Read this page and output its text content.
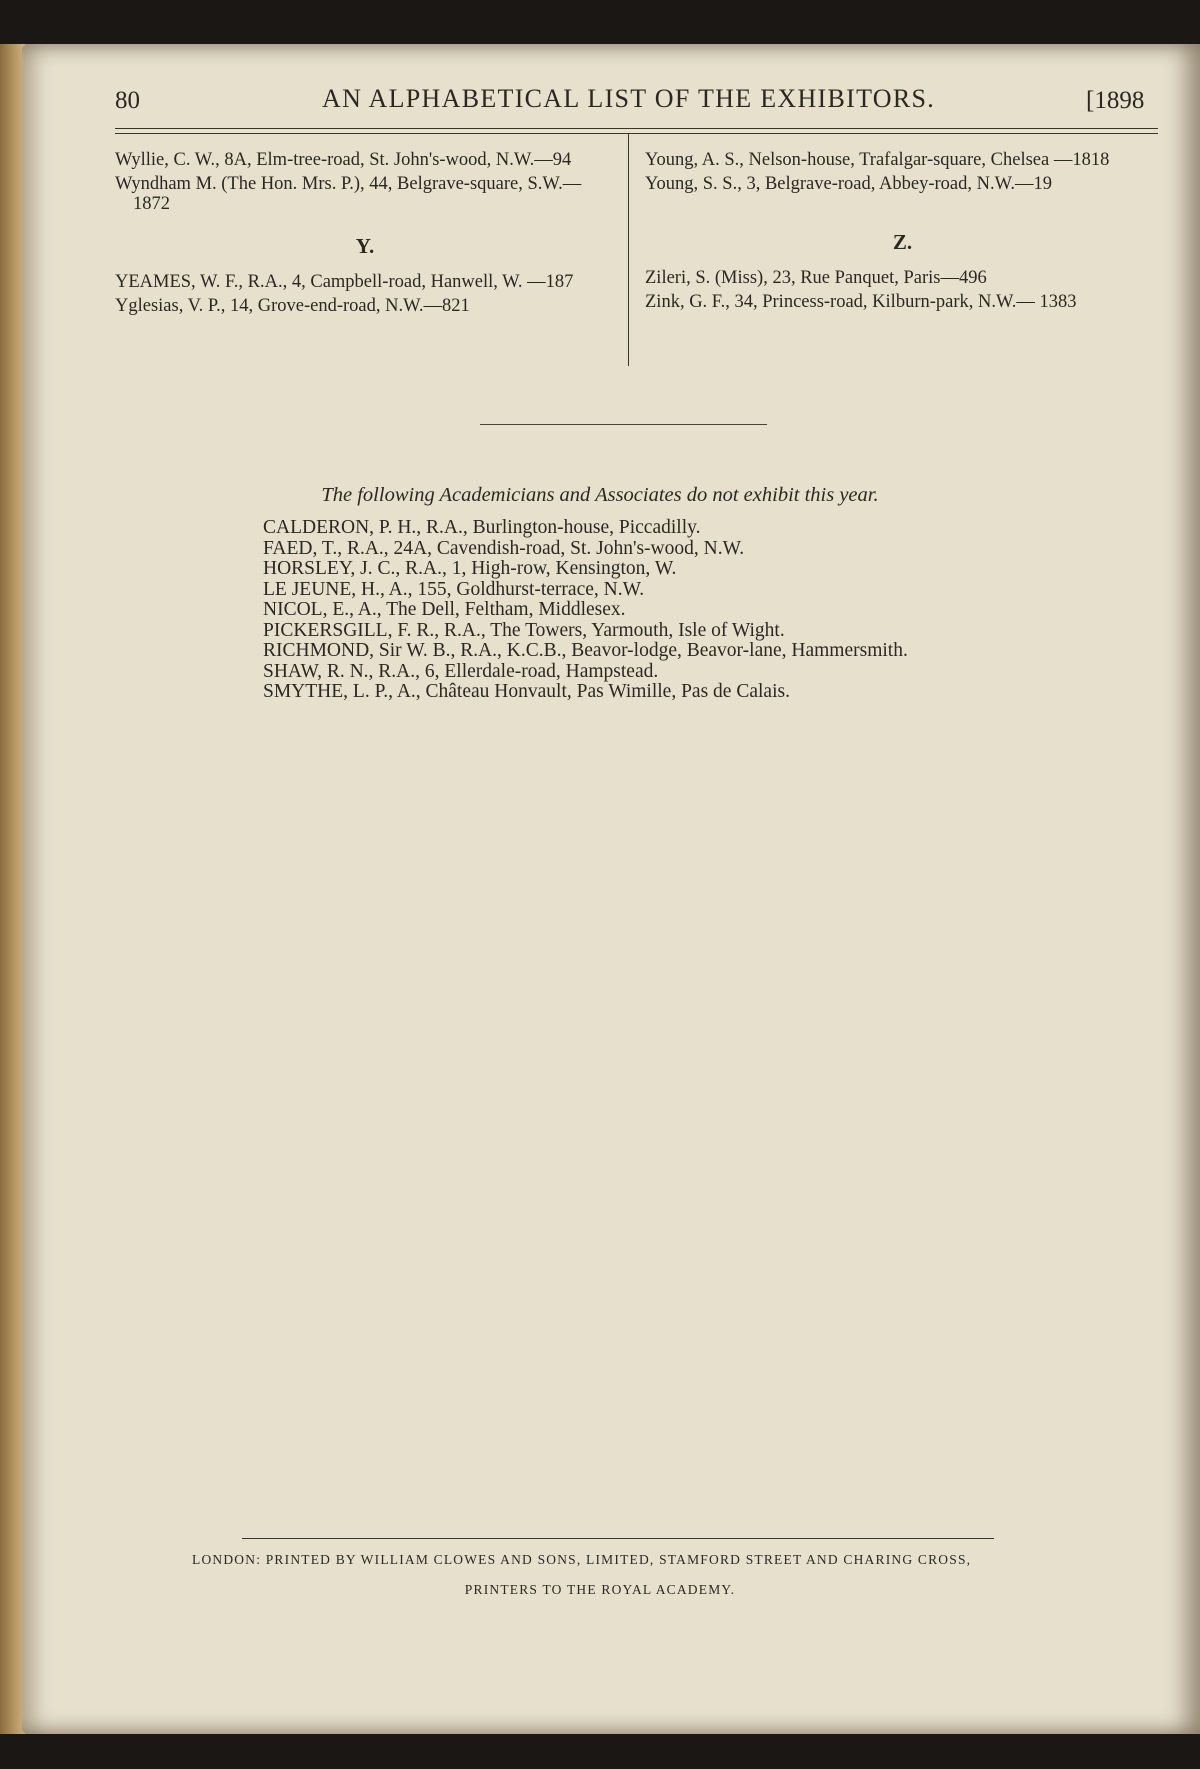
80	AN ALPHABETICAL LIST OF THE EXHIBITORS.	[1898
Wyllie, C. W., 8A, Elm-tree-road, St. John's-wood, N.W.—94
Wyndham M. (The Hon. Mrs. P.), 44, Belgrave-square, S.W.—1872
Y.
YEAMES, W. F., R.A., 4, Campbell-road, Hanwell, W. —187
Yglesias, V. P., 14, Grove-end-road, N.W.—821
Young, A. S., Nelson-house, Trafalgar-square, Chelsea —1818
Young, S. S., 3, Belgrave-road, Abbey-road, N.W.—19
Z.
Zileri, S. (Miss), 23, Rue Panquet, Paris—496
Zink, G. F., 34, Princess-road, Kilburn-park, N.W.— 1383
The following Academicians and Associates do not exhibit this year.
CALDERON, P. H., R.A., Burlington-house, Piccadilly.
FAED, T., R.A., 24A, Cavendish-road, St. John's-wood, N.W.
HORSLEY, J. C., R.A., 1, High-row, Kensington, W.
LE JEUNE, H., A., 155, Goldhurst-terrace, N.W.
NICOL, E., A., The Dell, Feltham, Middlesex.
PICKERSGILL, F. R., R.A., The Towers, Yarmouth, Isle of Wight.
RICHMOND, Sir W. B., R.A., K.C.B., Beavor-lodge, Beavor-lane, Hammersmith.
SHAW, R. N., R.A., 6, Ellerdale-road, Hampstead.
SMYTHE, L. P., A., Château Honvault, Pas Wimille, Pas de Calais.
LONDON: PRINTED BY WILLIAM CLOWES AND SONS, LIMITED, STAMFORD STREET AND CHARING CROSS,
PRINTERS TO THE ROYAL ACADEMY.
